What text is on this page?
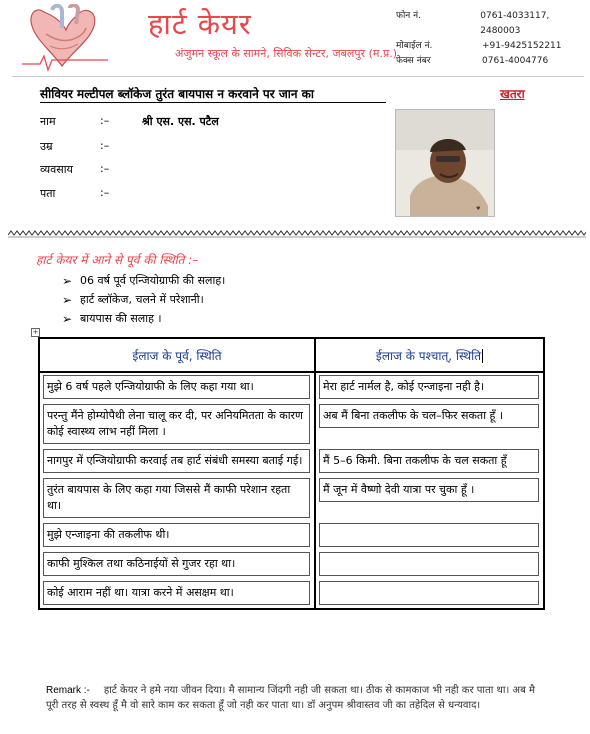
हार्ट केयर
अंजुमन स्कूल के सामने, सिविक सेन्टर, जबलपुर (म.प्र.)
फोन नं.	0761-4033117, 2480003
मोबाईल नं.	+91-9425152211
फेक्स नंबर	0761-4004776
सीवियर मल्टीपल ब्लॉकेज तुरंत बायपास न करवाने पर जान का	खतरा
नाम	:–	श्री एस. एस. पटैल
उम्र	:–
व्यवसाय	:–
पता	:–
♥
हार्ट केयर में आने से पूर्व की स्थिति :–
➢ 06 वर्ष पूर्व एन्जियोग्राफी की सलाह।
➢ हार्ट ब्लॉकेज, चलने में परेशानी।
➢ बायपास की सलाह ।
+
ईलाज के पूर्व, स्थिति	ईलाज के पश्चात्, स्थिति

मुझे 6 वर्ष पहले एन्जियोग्राफी के लिए कहा गया था।	मेरा हार्ट नार्मल है, कोई एन्जाइना नही है।

परन्तु मैंने होम्योपैथी लेना चालू कर दी, पर अनियमितता के कारण कोई स्वास्थ्य लाभ नहीं मिला ।	अब मैं बिना तकलीफ के चल–फिर सकता हूँ ।

नागपुर में एन्जियोग्राफी करवाई तब हार्ट संबंधी समस्या बताई गई।	मैं 5–6 किमी. बिना तकलीफ के चल सकता हूँ

तुरंत बायपास के लिए कहा गया जिससे मैं काफी परेशान रहता था।	मैं जून में वैष्णो देवी यात्रा पर चुका हूँ ।

मुझे एन्जाइना की तकलीफ थी।	

काफी मुश्किल तथा कठिनाईयों से गुजर रहा था।	

कोई आराम नहीं था। यात्रा करने में असक्षम था।	

Remark :- हार्ट केयर ने हमे नया जीवन दिया। मै सामान्य जिंदगी नही जी सकता था। ठीक से कामकाज भी नही कर पाता था। अब मै पूरी तरह से स्वस्थ हूँ मै वो सारे काम कर सकता हूँ जो नही कर पाता था। डॉ अनुपम श्रीवास्तव जी का तहेदिल से धन्यवाद।
